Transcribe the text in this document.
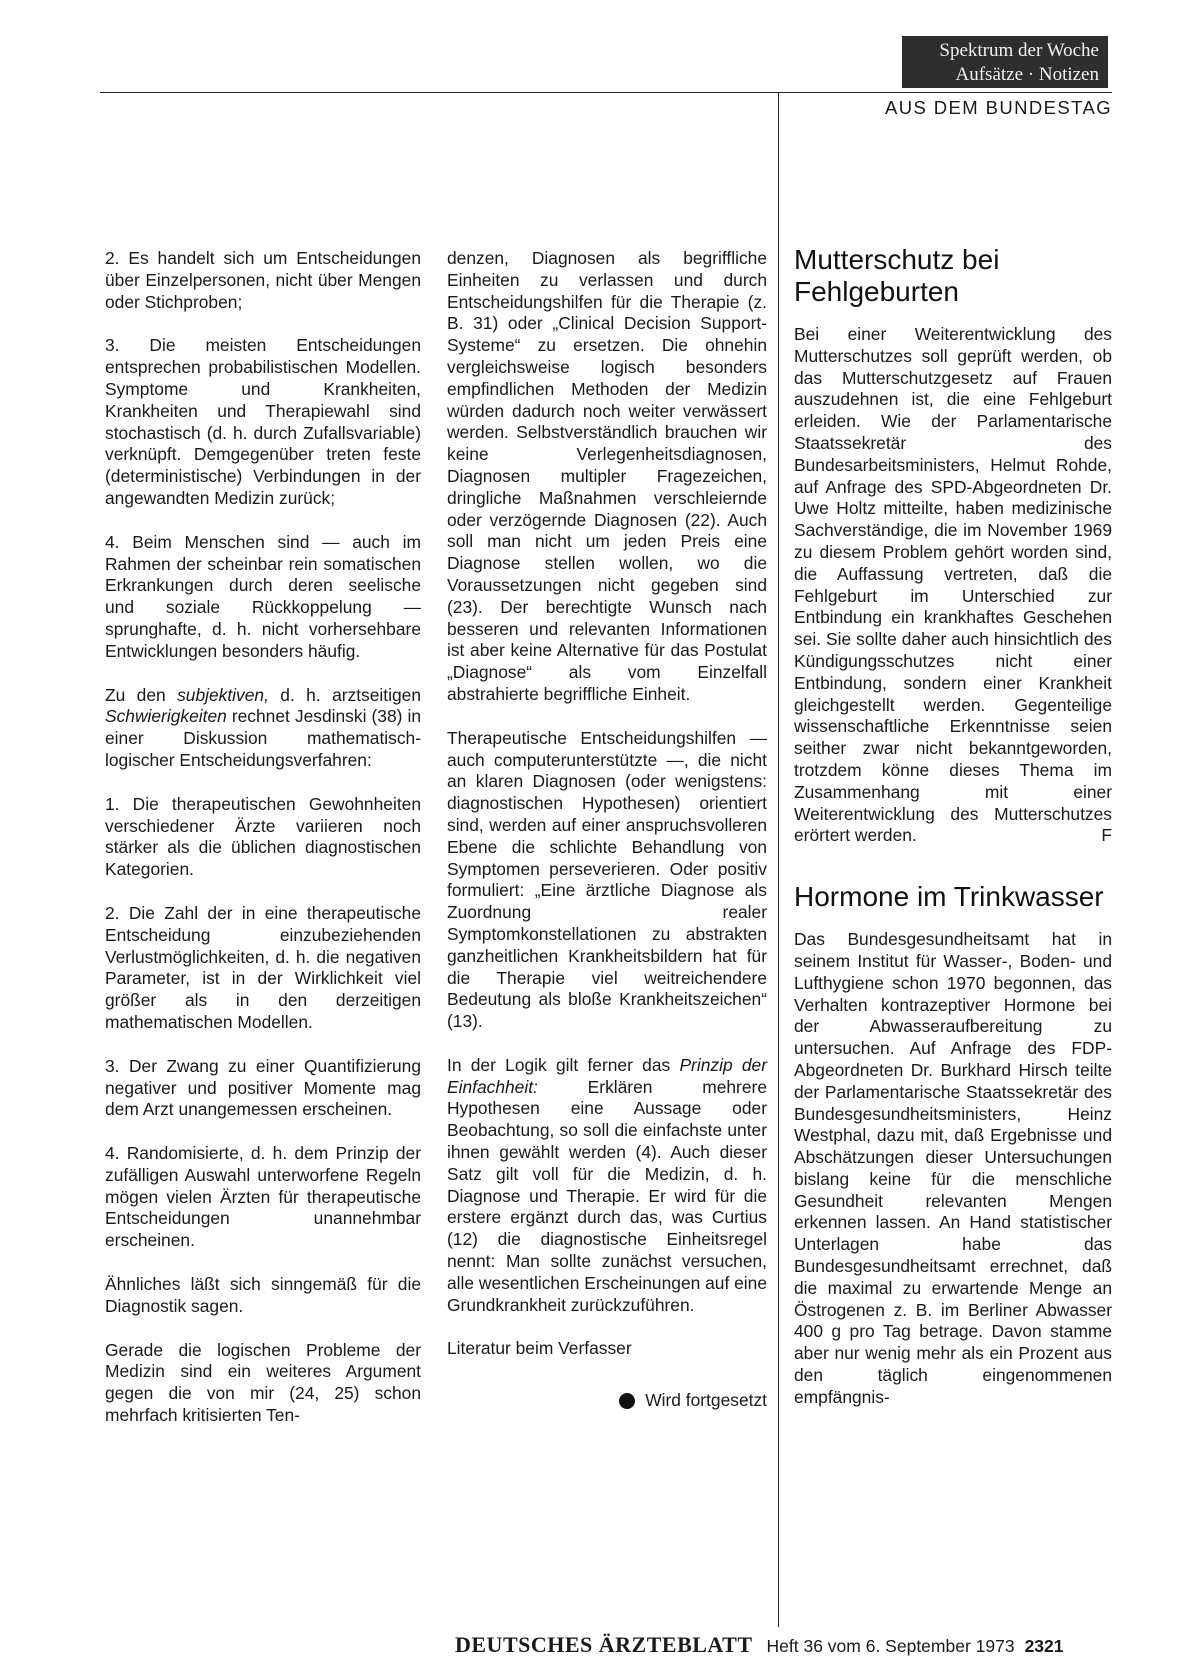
Spektrum der Woche
Aufsätze · Notizen
AUS DEM BUNDESTAG

2. Es handelt sich um Entscheidungen über Einzelpersonen, nicht über Mengen oder Stichproben;

3. Die meisten Entscheidungen entsprechen probabilistischen Modellen. Symptome und Krankheiten, Krankheiten und Therapiewahl sind stochastisch (d. h. durch Zufallsvariable) verknüpft. Demgegenüber treten feste (deterministische) Verbindungen in der angewandten Medizin zurück;

4. Beim Menschen sind — auch im Rahmen der scheinbar rein somatischen Erkrankungen durch deren seelische und soziale Rückkoppelung — sprunghafte, d. h. nicht vorhersehbare Entwicklungen besonders häufig.

Zu den subjektiven, d. h. arztseitigen Schwierigkeiten rechnet Jesdinski (38) in einer Diskussion mathematisch-logischer Entscheidungsverfahren:

1. Die therapeutischen Gewohnheiten verschiedener Ärzte variieren noch stärker als die üblichen diagnostischen Kategorien.

2. Die Zahl der in eine therapeutische Entscheidung einzubeziehenden Verlustmöglichkeiten, d. h. die negativen Parameter, ist in der Wirklichkeit viel größer als in den derzeitigen mathematischen Modellen.

3. Der Zwang zu einer Quantifizierung negativer und positiver Momente mag dem Arzt unangemessen erscheinen.

4. Randomisierte, d. h. dem Prinzip der zufälligen Auswahl unterworfene Regeln mögen vielen Ärzten für therapeutische Entscheidungen unannehmbar erscheinen.

Ähnliches läßt sich sinngemäß für die Diagnostik sagen.

Gerade die logischen Probleme der Medizin sind ein weiteres Argument gegen die von mir (24, 25) schon mehrfach kritisierten Ten-

denzen, Diagnosen als begriffliche Einheiten zu verlassen und durch Entscheidungshilfen für die Therapie (z. B. 31) oder „Clinical Decision Support-Systeme“ zu ersetzen. Die ohnehin vergleichsweise logisch besonders empfindlichen Methoden der Medizin würden dadurch noch weiter verwässert werden. Selbstverständlich brauchen wir keine Verlegenheitsdiagnosen, Diagnosen multipler Fragezeichen, dringliche Maßnahmen verschleiernde oder verzögernde Diagnosen (22). Auch soll man nicht um jeden Preis eine Diagnose stellen wollen, wo die Voraussetzungen nicht gegeben sind (23). Der berechtigte Wunsch nach besseren und relevanten Informationen ist aber keine Alternative für das Postulat „Diagnose“ als vom Einzelfall abstrahierte begriffliche Einheit.

Therapeutische Entscheidungshilfen — auch computerunterstützte —, die nicht an klaren Diagnosen (oder wenigstens: diagnostischen Hypothesen) orientiert sind, werden auf einer anspruchsvolleren Ebene die schlichte Behandlung von Symptomen perseverieren. Oder positiv formuliert: „Eine ärztliche Diagnose als Zuordnung realer Symptomkonstellationen zu abstrakten ganzheitlichen Krankheitsbildern hat für die Therapie viel weitreichendere Bedeutung als bloße Krankheitszeichen“ (13).

In der Logik gilt ferner das Prinzip der Einfachheit: Erklären mehrere Hypothesen eine Aussage oder Beobachtung, so soll die einfachste unter ihnen gewählt werden (4). Auch dieser Satz gilt voll für die Medizin, d. h. Diagnose und Therapie. Er wird für die erstere ergänzt durch das, was Curtius (12) die diagnostische Einheitsregel nennt: Man sollte zunächst versuchen, alle wesentlichen Erscheinungen auf eine Grundkrankheit zurückzuführen.

Literatur beim Verfasser

Wird fortgesetzt
Mutterschutz bei Fehlgeburten

Bei einer Weiterentwicklung des Mutterschutzes soll geprüft werden, ob das Mutterschutzgesetz auf Frauen auszudehnen ist, die eine Fehlgeburt erleiden. Wie der Parlamentarische Staatssekretär des Bundesarbeitsministers, Helmut Rohde, auf Anfrage des SPD-Abgeordneten Dr. Uwe Holtz mitteilte, haben medizinische Sachverständige, die im November 1969 zu diesem Problem gehört worden sind, die Auffassung vertreten, daß die Fehlgeburt im Unterschied zur Entbindung ein krankhaftes Geschehen sei. Sie sollte daher auch hinsichtlich des Kündigungsschutzes nicht einer Entbindung, sondern einer Krankheit gleichgestellt werden. Gegenteilige wissenschaftliche Erkenntnisse seien seither zwar nicht bekanntgeworden, trotzdem könne dieses Thema im Zusammenhang mit einer Weiterentwicklung des Mutterschutzes erörtert werden.	F

Hormone im Trinkwasser

Das Bundesgesundheitsamt hat in seinem Institut für Wasser-, Boden- und Lufthygiene schon 1970 begonnen, das Verhalten kontrazeptiver Hormone bei der Abwasseraufbereitung zu untersuchen. Auf Anfrage des FDP-Abgeordneten Dr. Burkhard Hirsch teilte der Parlamentarische Staatssekretär des Bundesgesundheitsministers, Heinz Westphal, dazu mit, daß Ergebnisse und Abschätzungen dieser Untersuchungen bislang keine für die menschliche Gesundheit relevanten Mengen erkennen lassen. An Hand statistischer Unterlagen habe das Bundesgesundheitsamt errechnet, daß die maximal zu erwartende Menge an Östrogenen z. B. im Berliner Abwasser 400 g pro Tag betrage. Davon stamme aber nur wenig mehr als ein Prozent aus den täglich eingenommenen empfängnis-

DEUTSCHES ÄRZTEBLATT Heft 36 vom 6. September 1973 2321
